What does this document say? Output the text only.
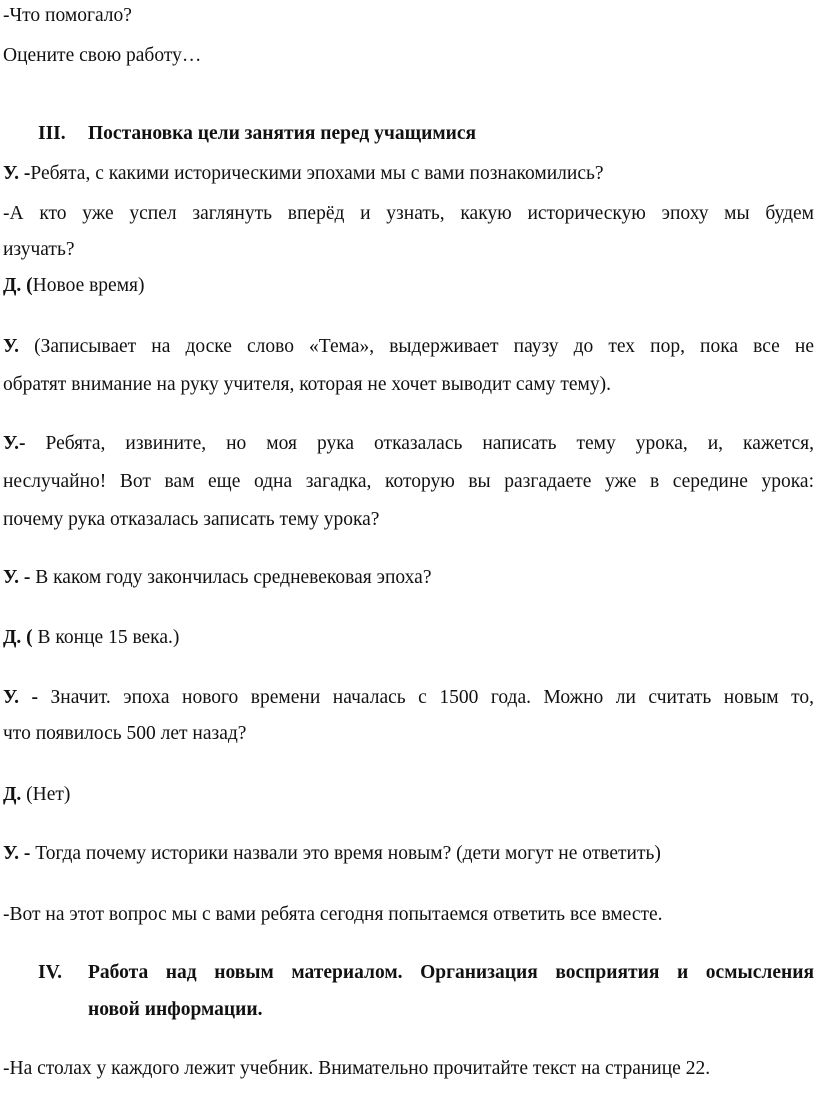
-Что помогало?
Оцените свою работу…
III. Постановка цели занятия перед учащимися
У. -Ребята, с какими историческими эпохами мы с вами познакомились?
-А кто уже успел заглянуть вперёд и узнать, какую историческую эпоху мы будем
изучать?
Д. (Новое время)
У. (Записывает на доске слово «Тема», выдерживает паузу до тех пор, пока все не
обратят внимание на руку учителя, которая не хочет выводит саму тему).
У.- Ребята, извините, но моя рука отказалась написать тему урока, и, кажется,
неслучайно! Вот вам еще одна загадка, которую вы разгадаете уже в середине урока:
почему рука отказалась записать тему урока?
У. - В каком году закончилась средневековая эпоха?
Д. ( В конце 15 века.)
У. - Значит. эпоха нового времени началась с 1500 года. Можно ли считать новым то,
что появилось 500 лет назад?
Д. (Нет)
У. - Тогда почему историки назвали это время новым? (дети могут не ответить)
-Вот на этот вопрос мы с вами ребята сегодня попытаемся ответить все вместе.
IV. Работа над новым материалом. Организация восприятия и осмысления
новой информации.
-На столах у каждого лежит учебник. Внимательно прочитайте текст на странице 22.
